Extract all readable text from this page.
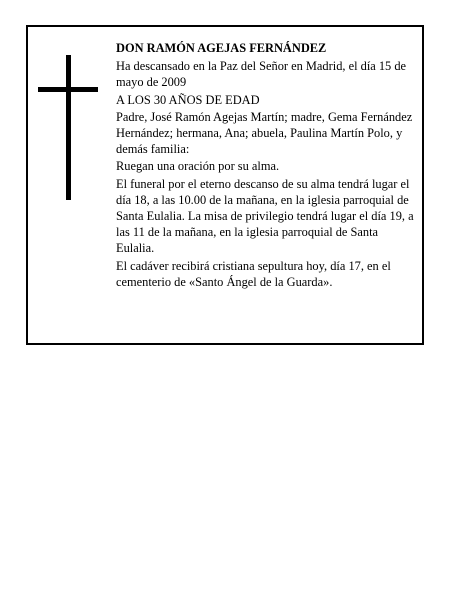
DON RAMÓN AGEJAS FERNÁNDEZ

Ha descansado en la Paz del Señor en Madrid, el día 15 de mayo de 2009

A LOS 30 AÑOS DE EDAD

Padre, José Ramón Agejas Martín; madre, Gema Fernández Hernández; hermana, Ana; abuela, Paulina Martín Polo, y demás familia:

Ruegan una oración por su alma.

El funeral por el eterno descanso de su alma tendrá lugar el día 18, a las 10.00 de la mañana, en la iglesia parroquial de Santa Eulalia. La misa de privilegio tendrá lugar el día 19, a las 11 de la mañana, en la iglesia parroquial de Santa Eulalia.

El cadáver recibirá cristiana sepultura hoy, día 17, en el cementerio de «Santo Ángel de la Guarda».
